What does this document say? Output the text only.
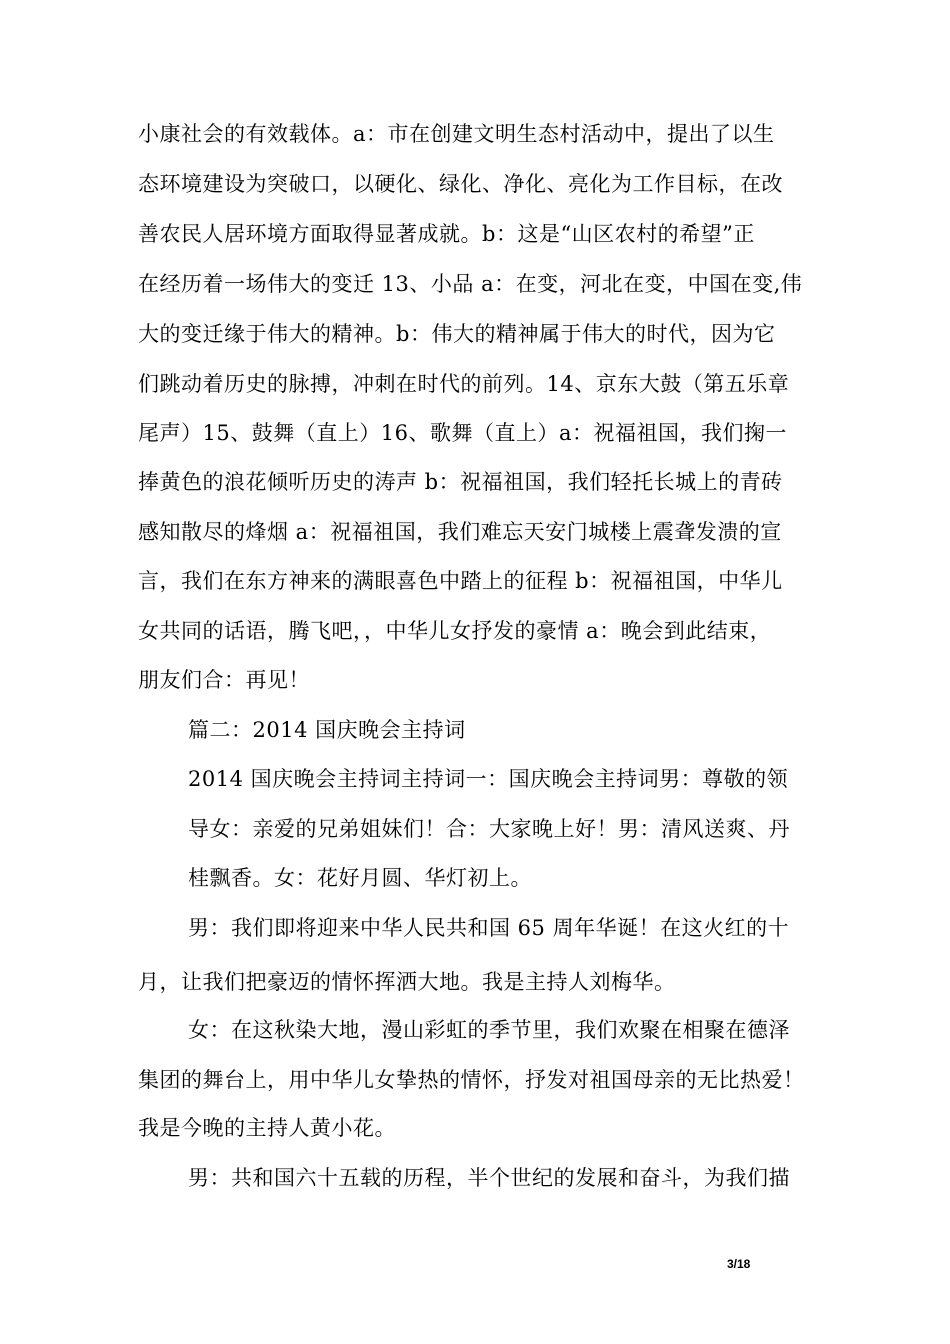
小康社会的有效载体。a：市在创建文明生态村活动中，提出了以生
态环境建设为突破口，以硬化、绿化、净化、亮化为工作目标，在改
善农民人居环境方面取得显著成就。b：这是“山区农村的希望”正
在经历着一场伟大的变迁 13、小品 a：在变，河北在变，中国在变,伟
大的变迁缘于伟大的精神。b：伟大的精神属于伟大的时代，因为它
们跳动着历史的脉搏，冲刺在时代的前列。14、京东大鼓（第五乐章
尾声）15、鼓舞（直上）16、歌舞（直上）a：祝福祖国，我们掬一
捧黄色的浪花倾听历史的涛声 b：祝福祖国，我们轻托长城上的青砖
感知散尽的烽烟 a：祝福祖国，我们难忘天安门城楼上震聋发溃的宣
言，我们在东方神来的满眼喜色中踏上的征程 b：祝福祖国，中华儿
女共同的话语，腾飞吧，，中华儿女抒发的豪情 a：晚会到此结束，
朋友们合：再见！
篇二：2014 国庆晚会主持词
2014 国庆晚会主持词主持词一：国庆晚会主持词男：尊敬的领
导女：亲爱的兄弟姐妹们！合：大家晚上好！男：清风送爽、丹
桂飘香。女：花好月圆、华灯初上。
男：我们即将迎来中华人民共和国 65 周年华诞！在这火红的十
月，让我们把豪迈的情怀挥洒大地。我是主持人刘梅华。
女：在这秋染大地，漫山彩虹的季节里，我们欢聚在相聚在德泽
集团的舞台上，用中华儿女挚热的情怀，抒发对祖国母亲的无比热爱！
我是今晚的主持人黄小花。
男：共和国六十五载的历程，半个世纪的发展和奋斗，为我们描
3/18
